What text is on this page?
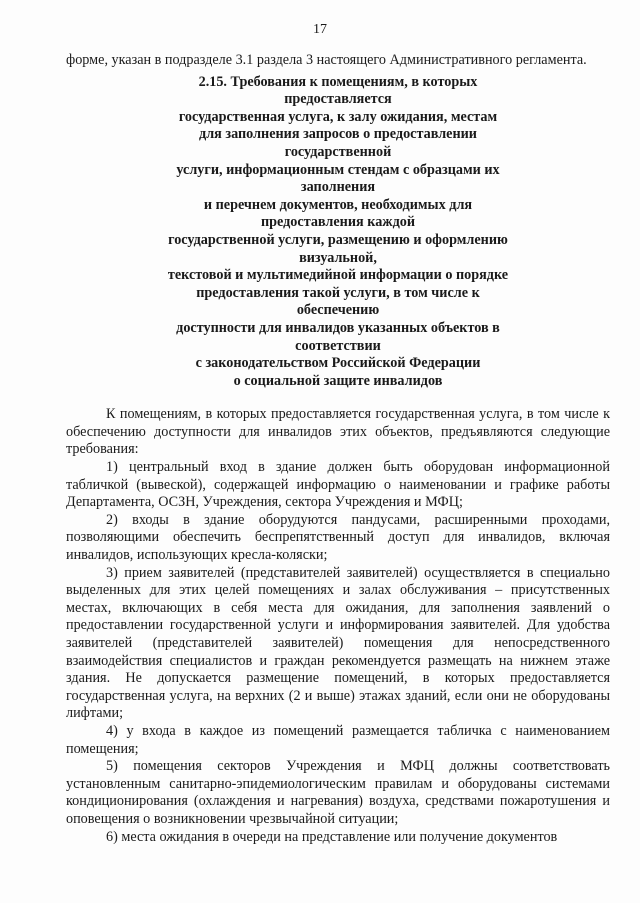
17

форме, указан в подразделе 3.1 раздела 3 настоящего Административного регламента.

2.15. Требования к помещениям, в которых
предоставляется
государственная услуга, к залу ожидания, местам
для заполнения запросов о предоставлении
государственной
услуги, информационным стендам с образцами их
заполнения
и перечнем документов, необходимых для
предоставления каждой
государственной услуги, размещению и оформлению
визуальной,
текстовой и мультимедийной информации о порядке
предоставления такой услуги, в том числе к
обеспечению
доступности для инвалидов указанных объектов в
соответствии
с законодательством Российской Федерации
о социальной защите инвалидов

К помещениям, в которых предоставляется государственная услуга, в том числе к обеспечению доступности для инвалидов этих объектов, предъявляются следующие требования:

1) центральный вход в здание должен быть оборудован информационной табличкой (вывеской), содержащей информацию о наименовании и графике работы Департамента, ОСЗН, Учреждения, сектора Учреждения и МФЦ;

2) входы в здание оборудуются пандусами, расширенными проходами, позволяющими обеспечить беспрепятственный доступ для инвалидов, включая инвалидов, использующих кресла-коляски;

3) прием заявителей (представителей заявителей) осуществляется в специально выделенных для этих целей помещениях и залах обслуживания – присутственных местах, включающих в себя места для ожидания, для заполнения заявлений о предоставлении государственной услуги и информирования заявителей. Для удобства заявителей (представителей заявителей) помещения для непосредственного взаимодействия специалистов и граждан рекомендуется размещать на нижнем этаже здания. Не допускается размещение помещений, в которых предоставляется государственная услуга, на верхних (2 и выше) этажах зданий, если они не оборудованы лифтами;

4) у входа в каждое из помещений размещается табличка с наименованием помещения;

5) помещения секторов Учреждения и МФЦ должны соответствовать установленным санитарно-эпидемиологическим правилам и оборудованы системами кондиционирования (охлаждения и нагревания) воздуха, средствами пожаротушения и оповещения о возникновении чрезвычайной ситуации;

6) места ожидания в очереди на представление или получение документов
